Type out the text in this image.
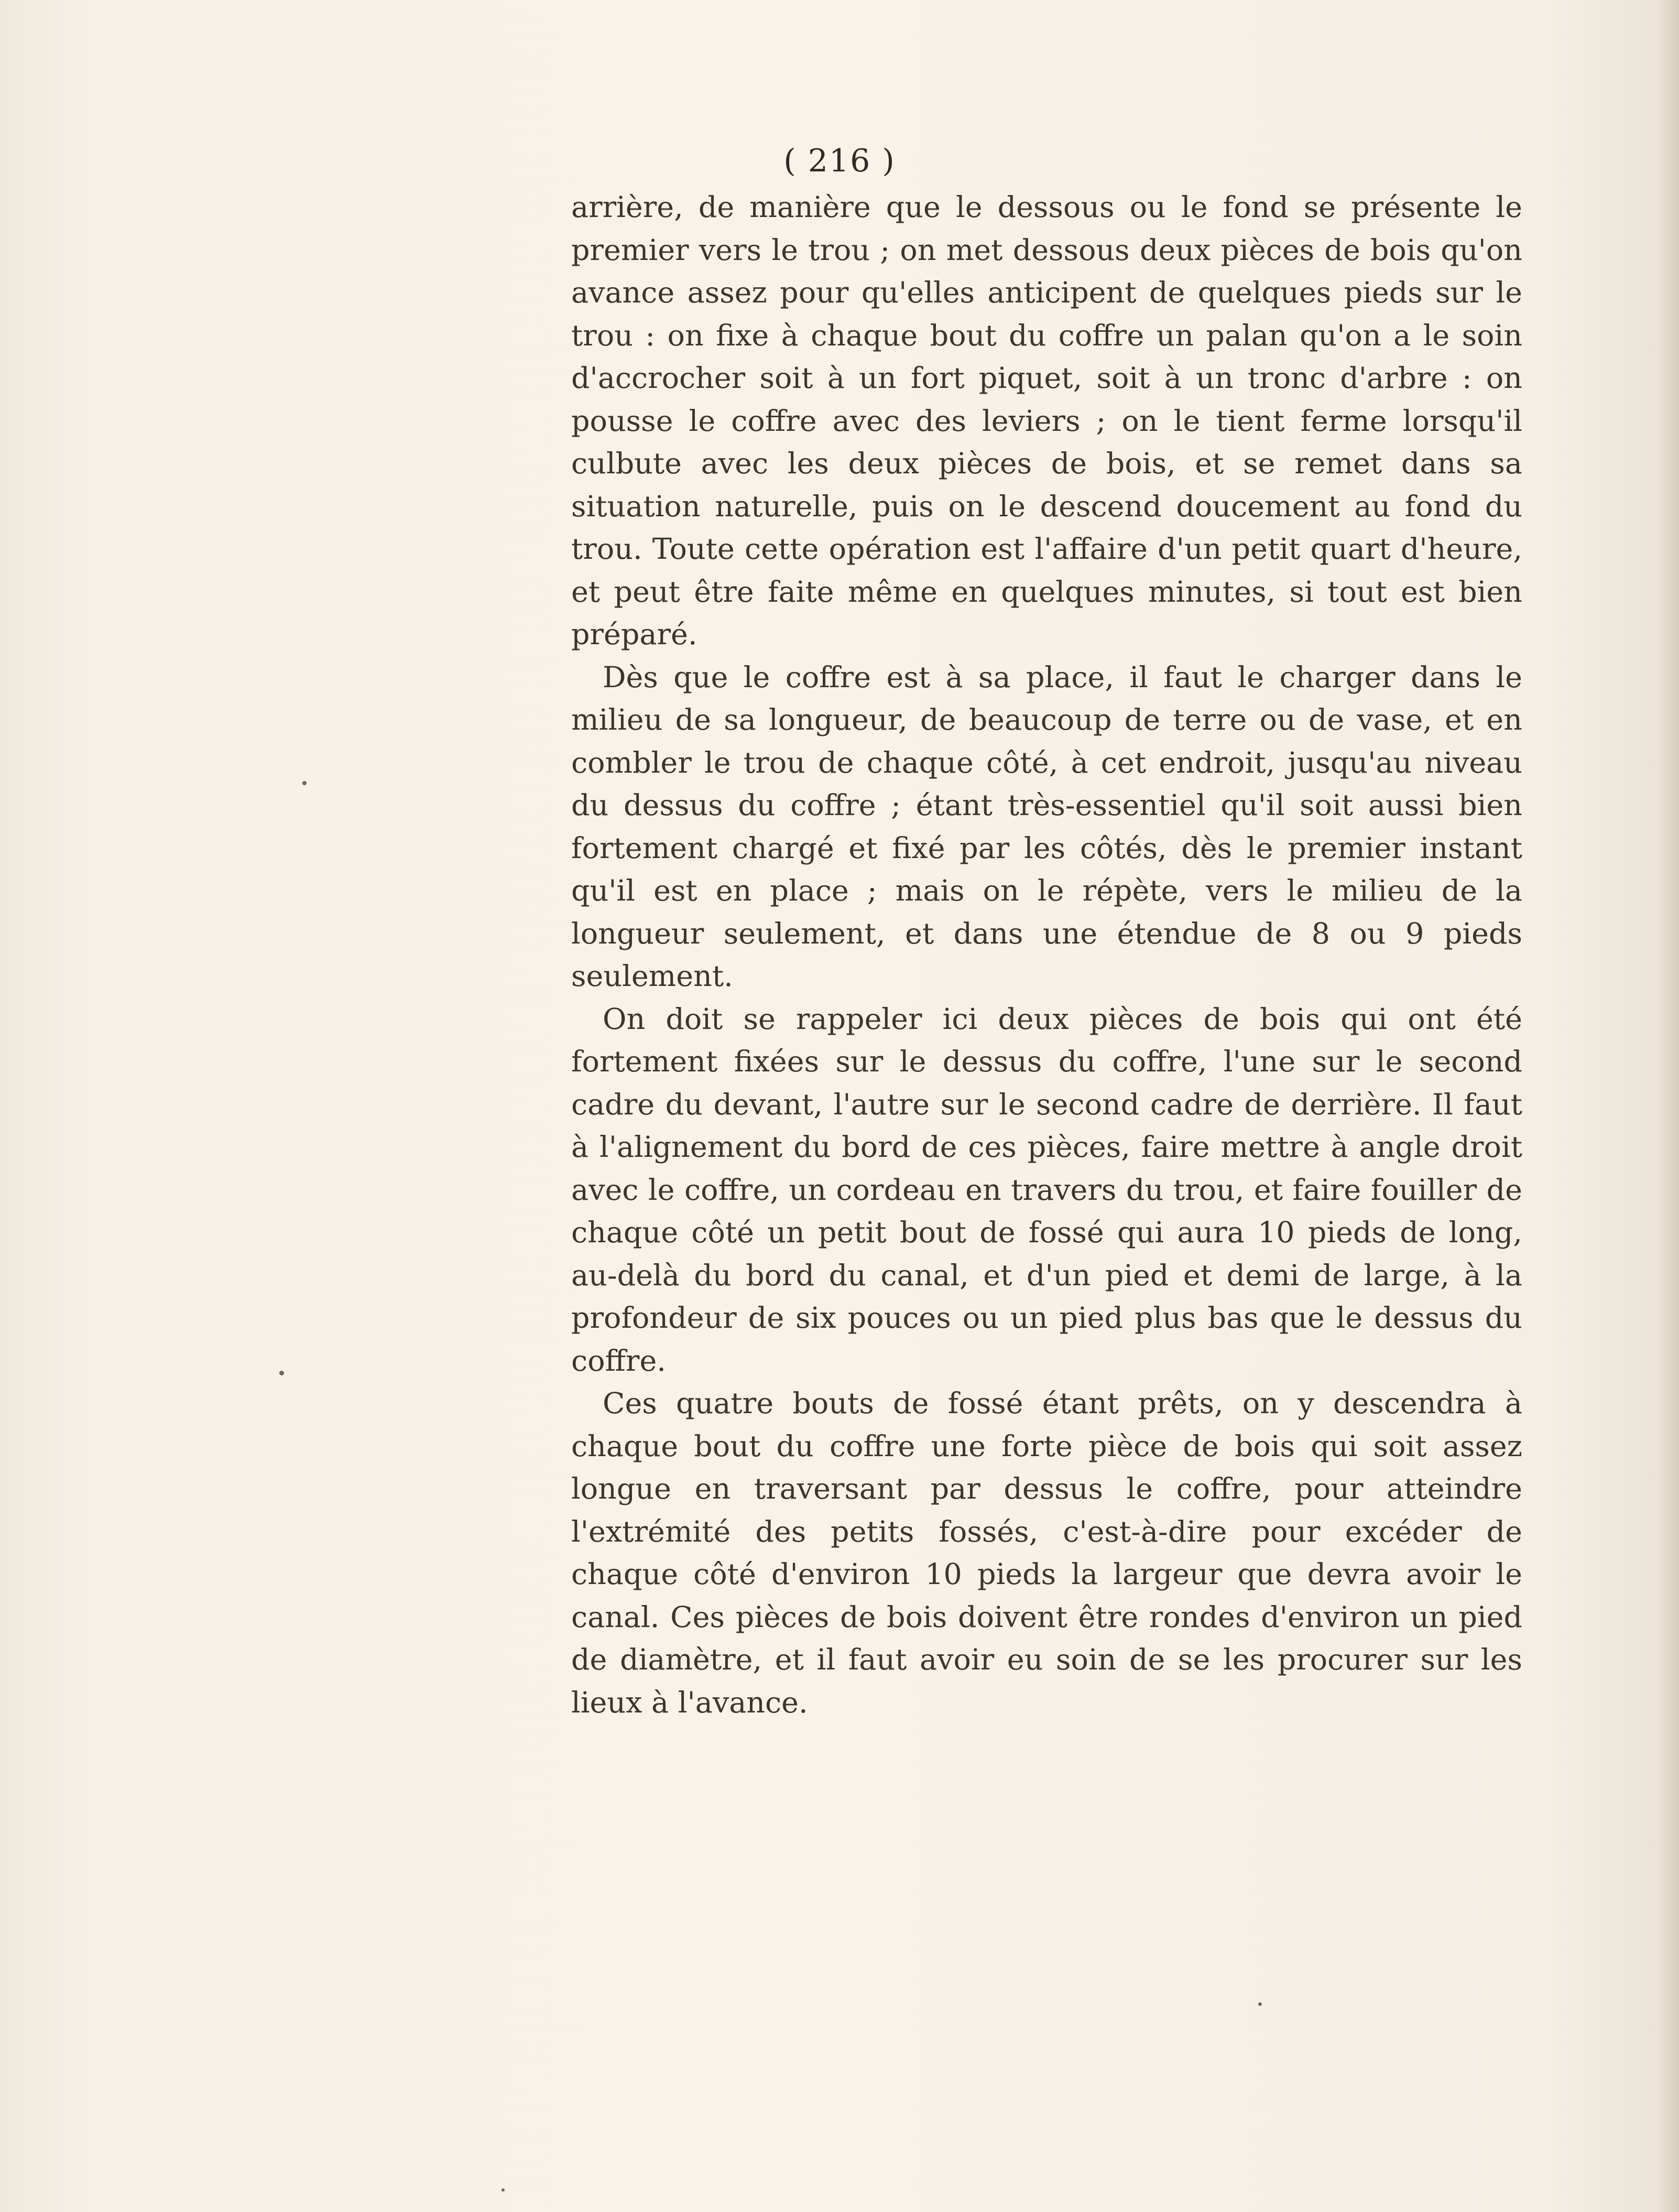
( 216 )

arrière, de manière que le dessous ou le fond se présente le premier vers le trou ; on met dessous deux pièces de bois qu'on avance assez pour qu'elles anticipent de quelques pieds sur le trou : on fixe à chaque bout du coffre un palan qu'on a le soin d'accrocher soit à un fort piquet, soit à un tronc d'arbre : on pousse le coffre avec des leviers ; on le tient ferme lorsqu'il culbute avec les deux pièces de bois, et se remet dans sa situation naturelle, puis on le descend doucement au fond du trou. Toute cette opération est l'affaire d'un petit quart d'heure, et peut être faite même en quelques minutes, si tout est bien préparé.

Dès que le coffre est à sa place, il faut le charger dans le milieu de sa longueur, de beaucoup de terre ou de vase, et en combler le trou de chaque côté, à cet endroit, jusqu'au niveau du dessus du coffre ; étant très-essentiel qu'il soit aussi bien fortement chargé et fixé par les côtés, dès le premier instant qu'il est en place ; mais on le répète, vers le milieu de la longueur seulement, et dans une étendue de 8 ou 9 pieds seulement.

On doit se rappeler ici deux pièces de bois qui ont été fortement fixées sur le dessus du coffre, l'une sur le second cadre du devant, l'autre sur le second cadre de derrière. Il faut à l'alignement du bord de ces pièces, faire mettre à angle droit avec le coffre, un cordeau en travers du trou, et faire fouiller de chaque côté un petit bout de fossé qui aura 10 pieds de long, au-delà du bord du canal, et d'un pied et demi de large, à la profondeur de six pouces ou un pied plus bas que le dessus du coffre.

Ces quatre bouts de fossé étant prêts, on y descendra à chaque bout du coffre une forte pièce de bois qui soit assez longue en traversant par dessus le coffre, pour atteindre l'extrémité des petits fossés, c'est-à-dire pour excéder de chaque côté d'environ 10 pieds la largeur que devra avoir le canal. Ces pièces de bois doivent être rondes d'environ un pied de diamètre, et il faut avoir eu soin de se les procurer sur les lieux à l'avance.
